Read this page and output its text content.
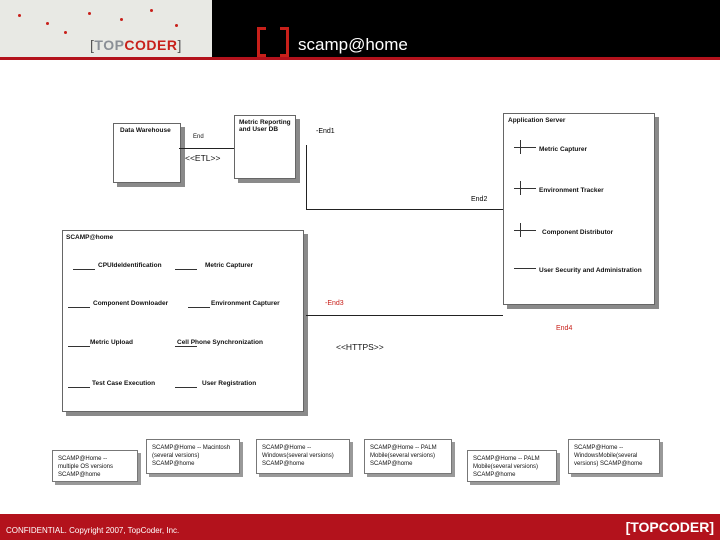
[TOPCODER]	scamp@home
Data Warehouse
End
<<ETL>>
Metric Reporting
and User DB	-End1
Application Server
Metric Capturer
Environment Tracker
Component Distributor
User Security and Administration
End2
SCAMP@home
CPUIdeldentification	Metric Capturer
Component Downloader	Environment Capturer
Metric Upload	Cell Phone Synchronization
Test Case Execution	User Registration
-End3
End4
<<HTTPS>>
SCAMP@Home --
multiple OS versions
SCAMP@home
SCAMP@Home -- Macintosh
(several versions)
SCAMP@home
SCAMP@Home --
Windows(several versions)
SCAMP@home
SCAMP@Home -- PALM
Mobile(several versions)
SCAMP@home
SCAMP@Home -- PALM
Mobile(several versions)
SCAMP@home
SCAMP@Home --
WindowsMobile(several
versions) SCAMP@home
CONFIDENTIAL. Copyright 2007, TopCoder, Inc.	[TOPCODER]
